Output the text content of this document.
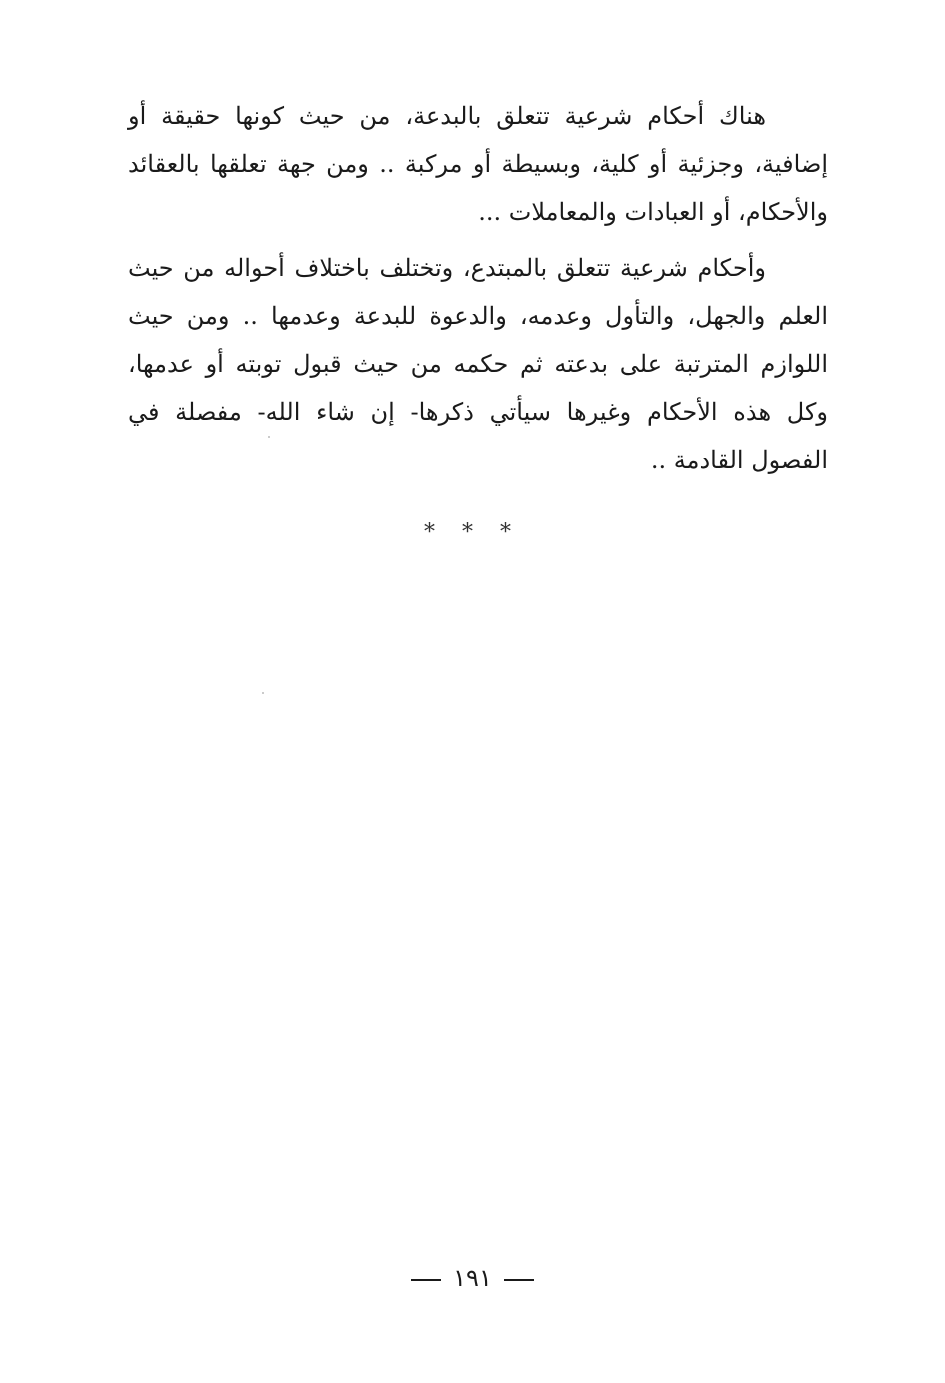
هناك أحكام شرعية تتعلق بالبدعة، من حيث كونها حقيقة أو إضافية، وجزئية أو كلية، وبسيطة أو مركبة .. ومن جهة تعلقها بالعقائد والأحكام، أو العبادات والمعاملات ...

وأحكام شرعية تتعلق بالمبتدع، وتختلف باختلاف أحواله من حيث العلم والجهل، والتأول وعدمه، والدعوة للبدعة وعدمها .. ومن حيث اللوازم المترتبة على بدعته ثم حكمه من حيث قبول توبته أو عدمها، وكل هذه الأحكام وغيرها سيأتي ذكرها- إن شاء الله- مفصلة في الفصول القادمة ..

* * *
١٩١
